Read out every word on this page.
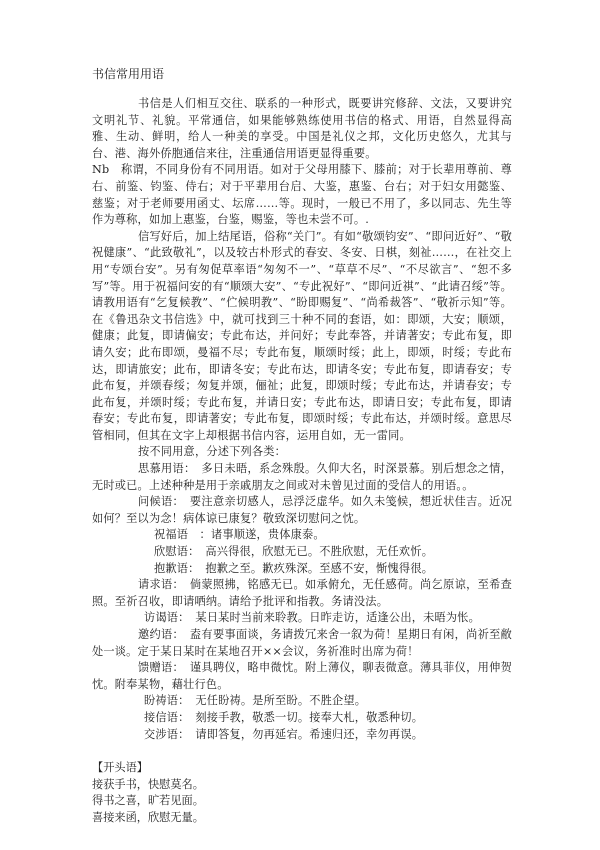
书信常用用语

书信是人们相互交往、联系的一种形式，既要讲究修辞、文法，又要讲究文明礼节、礼貌。平常通信，如果能够熟练使用书信的格式、用语，自然显得高雅、生动、鲜明，给人一种美的享受。中国是礼仪之邦，文化历史悠久，尤其与台、港、海外侨胞通信来往，注重通信用语更显得重要。

Nb　称谓，不同身份有不同用语。如对于父母用膝下、膝前；对于长辈用尊前、尊右、前鉴、钧鉴、侍右；对于平辈用台启、大鉴，惠鉴、台右；对于妇女用懿鉴、慈鉴；对于老师要用函丈、坛席……等。现时，一般已不用了，多以同志、先生等作为尊称，如加上惠鉴，台鉴，赐鉴，等也未尝不可。.

信写好后，加上结尾语，俗称“关门”。有如“敬颂钧安”、“即问近好”、“敬祝健康”、“此致敬礼”，以及较古朴形式的春安、冬安、日棋，刻祉……，在社交上用“专颂台安”。另有匆促草率语“匆匆不一”、“草草不尽”、“不尽欲言”、“恕不多写”等。用于祝福问安的有“顺颂大安”、“专此祝好”、“即问近祺”、“此请召绥”等。请教用语有“乞复候教”、“伫候明教”、“盼即赐复”、“尚希裁答”、“敬祈示知”等。在《鲁迅杂文书信选》中，就可找到三十种不同的套语，如：即颂，大安；顺颂，健康；此复，即请偏安；专此布达，并问好；专此奉答，并请著安；专此布复，即请久安；此布即颂，曼福不尽；专此布复，顺颂时绥；此上，即颂，时绥；专此布达，即请旅安；此布，即请冬安；专此布达，即请冬安；专此布复，即请春安；专此布复，并颂春绥；匆复并颂，俪祉；此复，即颂时绥；专此布达，并请春安；专此布复，并颂时绥；专此布复，并请日安；专此布达，即请日安；专此布复，即请春安；专此布复，即请著安；专此布复，即颂时绥；专此布达，并颂时绥。意思尽管相同，但其在文字上却根据书信内容，运用自如，无一雷同。

按不同用意，分述下列各类：

思慕用语：　多日未晤，系念殊殷。久仰大名，时深景慕。别后想念之情，无时或已。上述种种是用于亲戚朋友之间或对未曾见过面的受信人的用语。。

问候语：　要注意亲切感人，忌浮泛虚华。如久未笺候，想近状佳吉。近况如何？至以为念！病体谅已康复？敬致深切慰问之忱。

祝福语　：诸事顺遂，贵体康泰。

欣慰语：　高兴得很，欣慰无已。不胜欣慰，无任欢忻。

抱歉语：　抱歉之至。歉疚殊深。至感不安，惭愧得很。

请求语：　倘蒙照拂，铭感无已。如承俯允，无任感荷。尚乞原谅，至希查照。至祈召收，即请哂纳。请给予批评和指教。务请没法。

访谒语：　某日某时当前来聆教。日昨走访，适逢公出，未晤为怅。

邀约语：　盍有要事面谈，务请拨冗来舍一叙为荷！星期日有闲，尚祈至敝处一谈。定于某日某时在某地召开××会议，务祈准时出席为荷！

馈赠语：　谨具聘仪，略申微忱。附上薄仪，聊表微意。薄具菲仪，用伸贺忱。附奉某物，藉壮行色。

盼祷语：　无任盼祷。是所至盼。不胜企望。

接信语：　刻接手教，敬悉一切。接奉大札，敬悉种切。

交涉语：　请即答复，勿再延宕。希速归还，幸勿再误。

【开头语】

接获手书，快慰莫名。

得书之喜，旷若见面。

喜接来函，欣慰无量。
